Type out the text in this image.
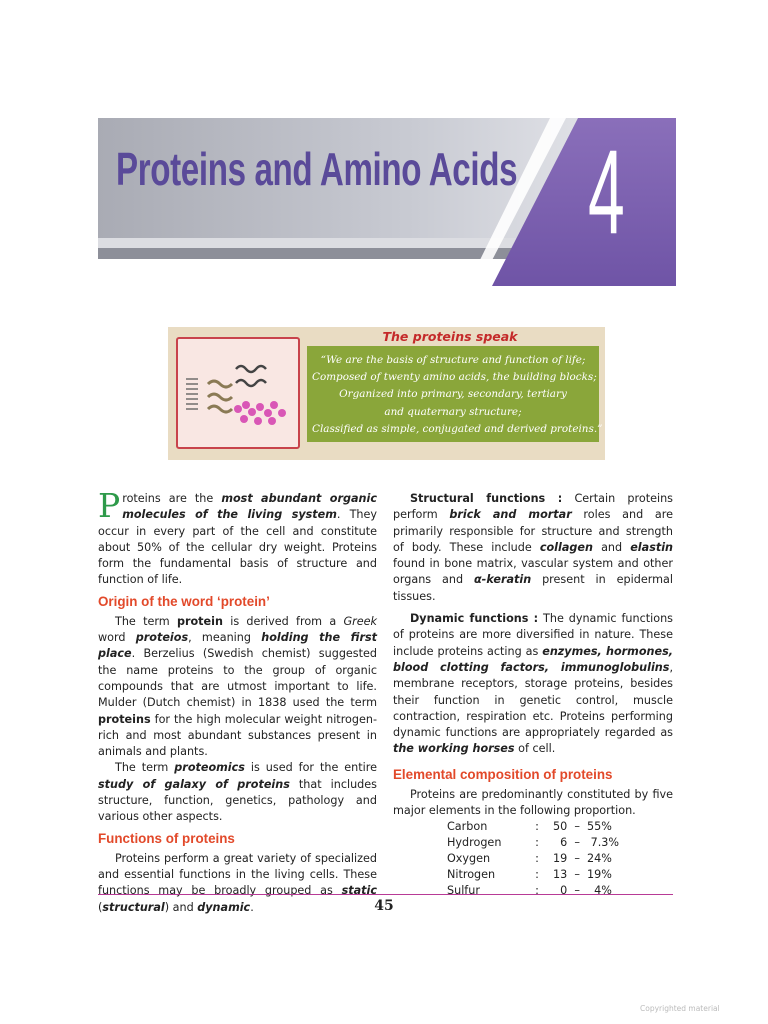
Proteins and Amino Acids 4
The proteins speak
“We are the basis of structure and function of life;
Composed of twenty amino acids, the building blocks;
Organized into primary, secondary, tertiary
and quaternary structure;
Classified as simple, conjugated and derived proteins.”

Proteins are the most abundant organic molecules of the living system. They occur in every part of the cell and constitute about 50% of the cellular dry weight. Proteins form the fundamental basis of structure and function of life.

Origin of the word ‘protein’

The term protein is derived from a Greek word proteios, meaning holding the first place. Berzelius (Swedish chemist) suggested the name proteins to the group of organic compounds that are utmost important to life. Mulder (Dutch chemist) in 1838 used the term proteins for the high molecular weight nitrogen-rich and most abundant substances present in animals and plants.

The term proteomics is used for the entire study of galaxy of proteins that includes structure, function, genetics, pathology and various other aspects.

Functions of proteins

Proteins perform a great variety of specialized and essential functions in the living cells. These functions may be broadly grouped as static (structural) and dynamic.

Structural functions : Certain proteins perform brick and mortar roles and are primarily responsible for structure and strength of body. These include collagen and elastin found in bone matrix, vascular system and other organs and α-keratin present in epidermal tissues.

Dynamic functions : The dynamic functions of proteins are more diversified in nature. These include proteins acting as enzymes, hormones, blood clotting factors, immunoglobulins, membrane receptors, storage proteins, besides their function in genetic control, muscle contraction, respiration etc. Proteins performing dynamic functions are appropriately regarded as the working horses of cell.

Elemental composition of proteins

Proteins are predominantly constituted by five major elements in the following proportion.

Carbon	:	50  –  55%
Hydrogen	:	6  –   7.3%
Oxygen	:	19  –  24%
Nitrogen	:	13  –  19%
Sulfur	:	0  –    4%
45
Copyrighted material
